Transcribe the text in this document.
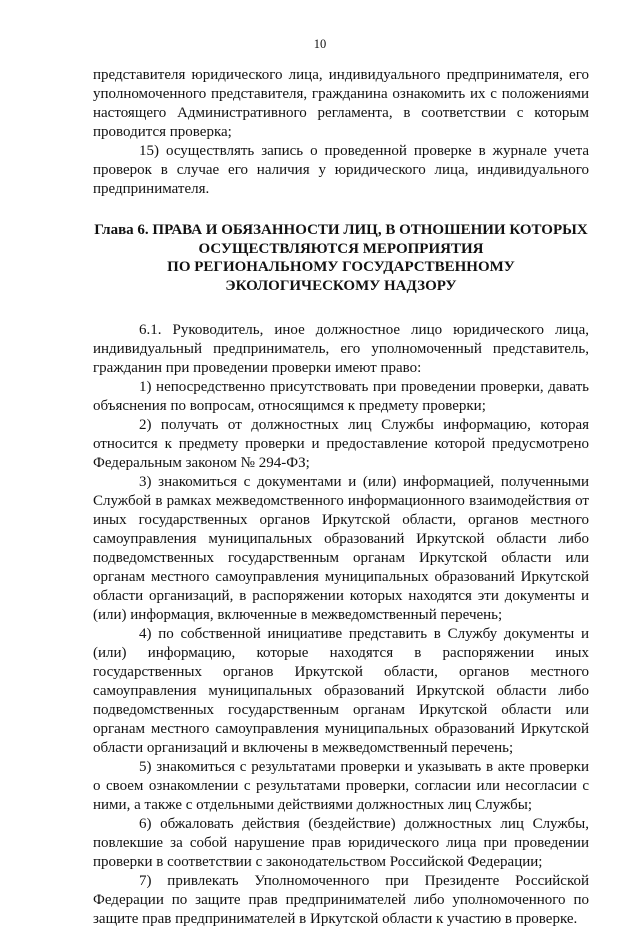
10

представителя юридического лица, индивидуального предпринимателя, его уполномоченного представителя, гражданина ознакомить их с положениями настоящего Административного регламента, в соответствии с которым проводится проверка;

15) осуществлять запись о проведенной проверке в журнале учета проверок в случае его наличия у юридического лица, индивидуального предпринимателя.

Глава 6. ПРАВА И ОБЯЗАННОСТИ ЛИЦ, В ОТНОШЕНИИ КОТОРЫХ
ОСУЩЕСТВЛЯЮТСЯ МЕРОПРИЯТИЯ
ПО РЕГИОНАЛЬНОМУ ГОСУДАРСТВЕННОМУ
ЭКОЛОГИЧЕСКОМУ НАДЗОРУ

6.1. Руководитель, иное должностное лицо юридического лица, индивидуальный предприниматель, его уполномоченный представитель, гражданин при проведении проверки имеют право:

1) непосредственно присутствовать при проведении проверки, давать объяснения по вопросам, относящимся к предмету проверки;

2) получать от должностных лиц Службы информацию, которая относится к предмету проверки и предоставление которой предусмотрено Федеральным законом № 294-ФЗ;

3) знакомиться с документами и (или) информацией, полученными Службой в рамках межведомственного информационного взаимодействия от иных государственных органов Иркутской области, органов местного самоуправления муниципальных образований Иркутской области либо подведомственных государственным органам Иркутской области или органам местного самоуправления муниципальных образований Иркутской области организаций, в распоряжении которых находятся эти документы и (или) информация, включенные в межведомственный перечень;

4) по собственной инициативе представить в Службу документы и (или) информацию, которые находятся в распоряжении иных государственных органов Иркутской области, органов местного самоуправления муниципальных образований Иркутской области либо подведомственных государственным органам Иркутской области или органам местного самоуправления муниципальных образований Иркутской области организаций и включены в межведомственный перечень;

5) знакомиться с результатами проверки и указывать в акте проверки о своем ознакомлении с результатами проверки, согласии или несогласии с ними, а также с отдельными действиями должностных лиц Службы;

6) обжаловать действия (бездействие) должностных лиц Службы, повлекшие за собой нарушение прав юридического лица при проведении проверки в соответствии с законодательством Российской Федерации;

7) привлекать Уполномоченного при Президенте Российской Федерации по защите прав предпринимателей либо уполномоченного по защите прав предпринимателей в Иркутской области к участию в проверке.
